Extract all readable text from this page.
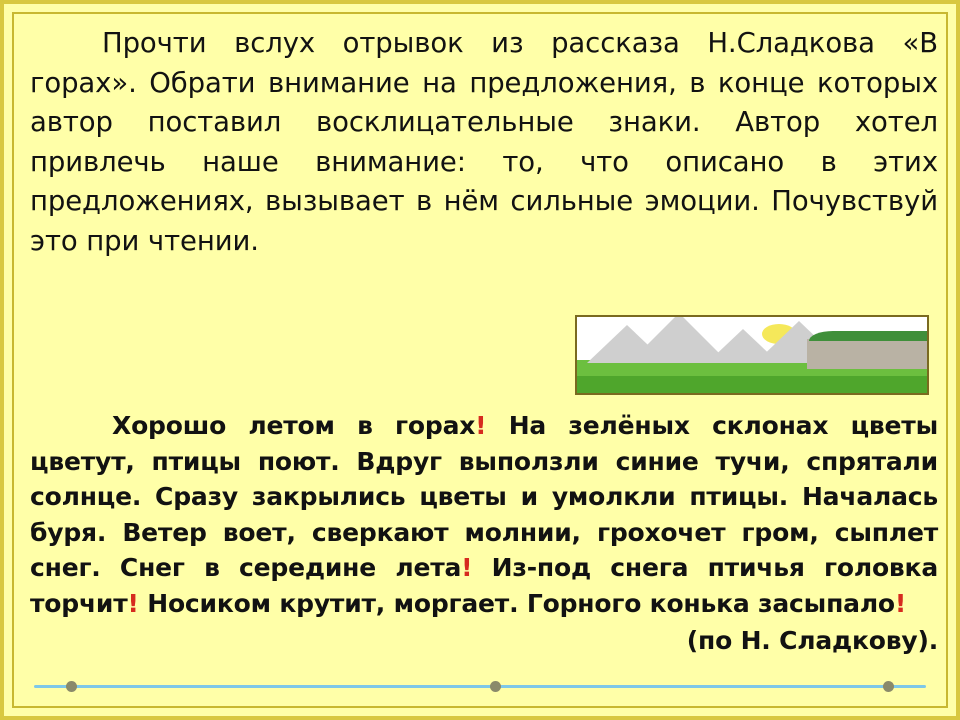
Прочти вслух отрывок из рассказа Н.Сладкова «В горах». Обрати внимание на предложения, в конце которых автор поставил восклицательные знаки. Автор хотел привлечь наше внимание: то, что описано в этих предложениях, вызывает в нём сильные эмоции. Почувствуй это при чтении.

Хорошо летом в горах! На зелёных склонах цветы цветут, птицы поют. Вдруг выползли синие тучи, спрятали солнце. Сразу закрылись цветы и умолкли птицы. Началась буря. Ветер воет, сверкают молнии, грохочет гром, сыплет снег. Снег в середине лета! Из-под снега птичья головка торчит! Носиком крутит, моргает. Горного конька засыпало!
(по Н. Сладкову).
